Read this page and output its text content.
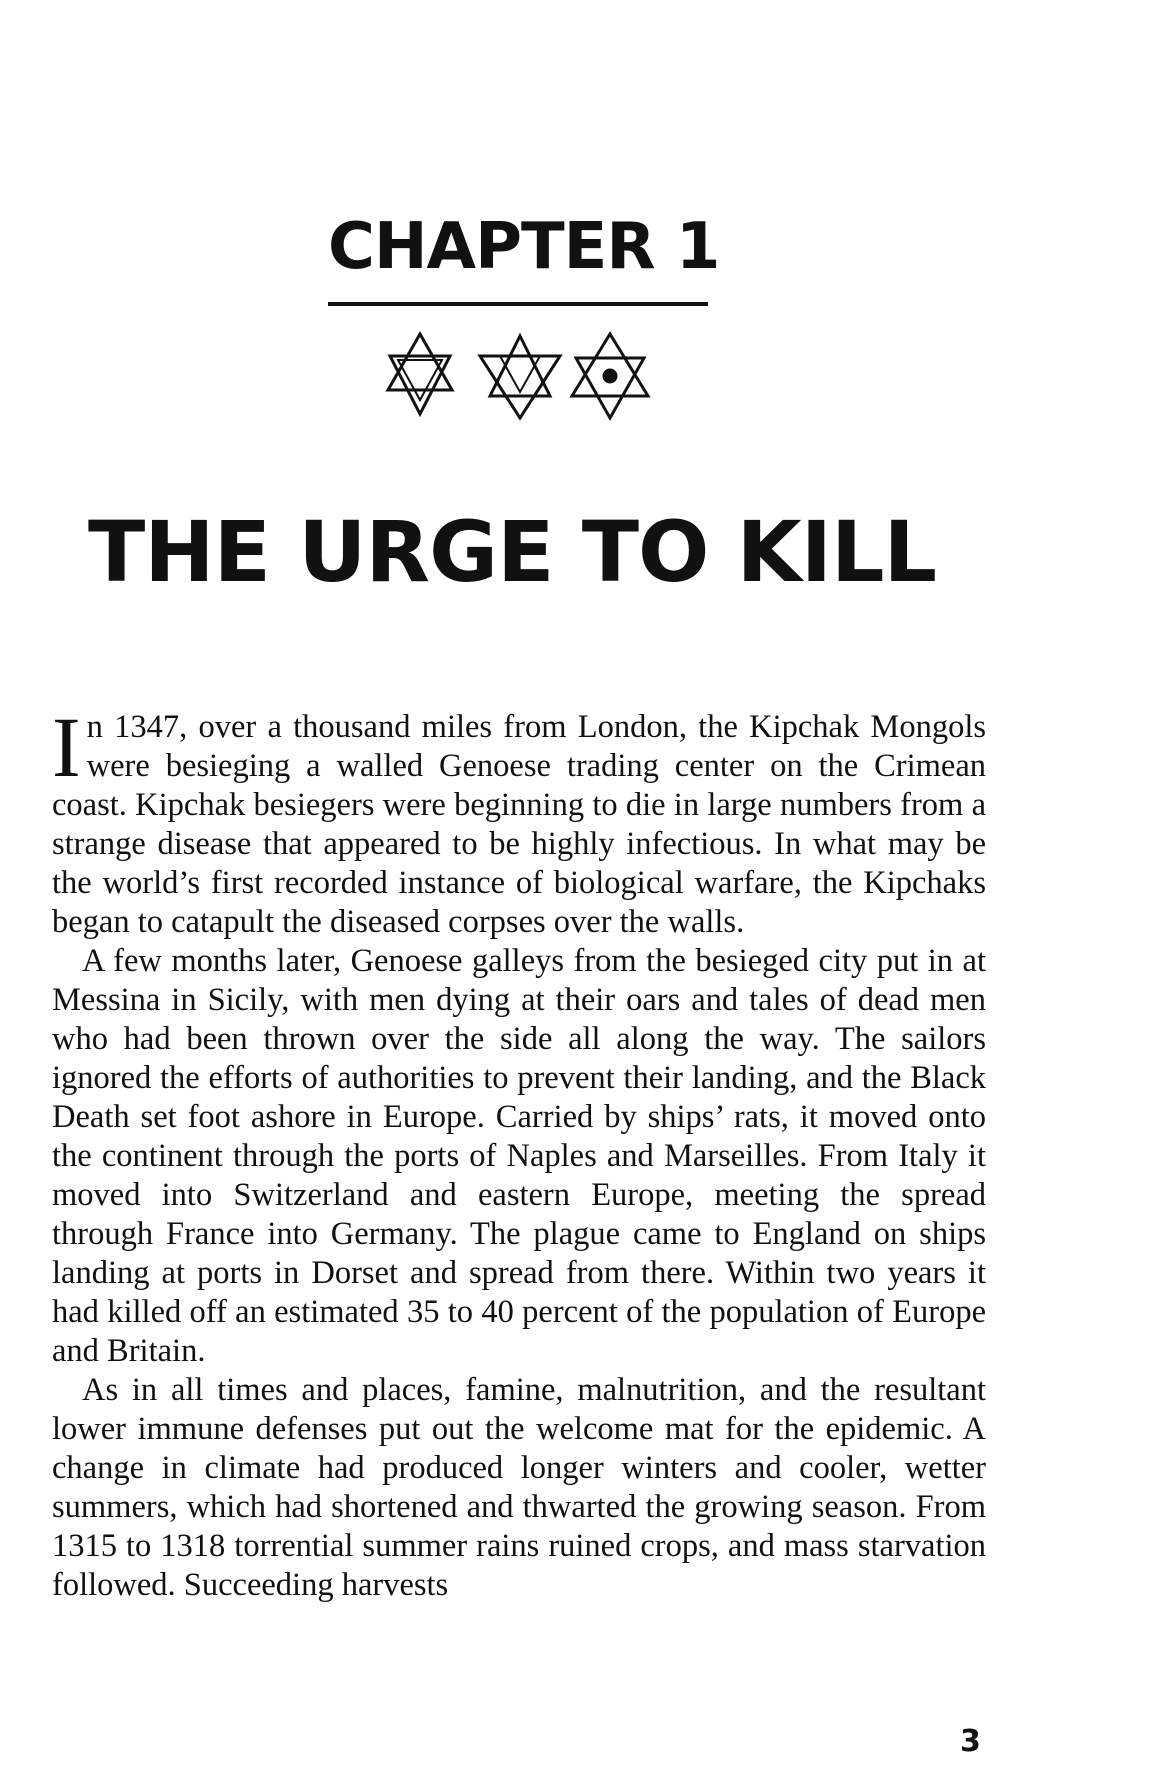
CHAPTER 1
THE URGE TO KILL

In 1347, over a thousand miles from London, the Kipchak Mongols were besieging a walled Genoese trading center on the Crimean coast. Kipchak besiegers were beginning to die in large numbers from a strange disease that appeared to be highly infectious. In what may be the world’s first recorded instance of biological warfare, the Kipchaks began to catapult the diseased corpses over the walls.

A few months later, Genoese galleys from the besieged city put in at Messina in Sicily, with men dying at their oars and tales of dead men who had been thrown over the side all along the way. The sailors ignored the efforts of authorities to prevent their landing, and the Black Death set foot ashore in Europe. Carried by ships’ rats, it moved onto the continent through the ports of Naples and Marseilles. From Italy it moved into Switzerland and eastern Europe, meeting the spread through France into Germany. The plague came to England on ships landing at ports in Dorset and spread from there. Within two years it had killed off an estimated 35 to 40 percent of the population of Europe and Britain.

As in all times and places, famine, malnutrition, and the resultant lower immune defenses put out the welcome mat for the epidemic. A change in climate had produced longer winters and cooler, wetter summers, which had shortened and thwarted the growing season. From 1315 to 1318 torrential summer rains ruined crops, and mass starvation followed. Succeeding harvests

3
